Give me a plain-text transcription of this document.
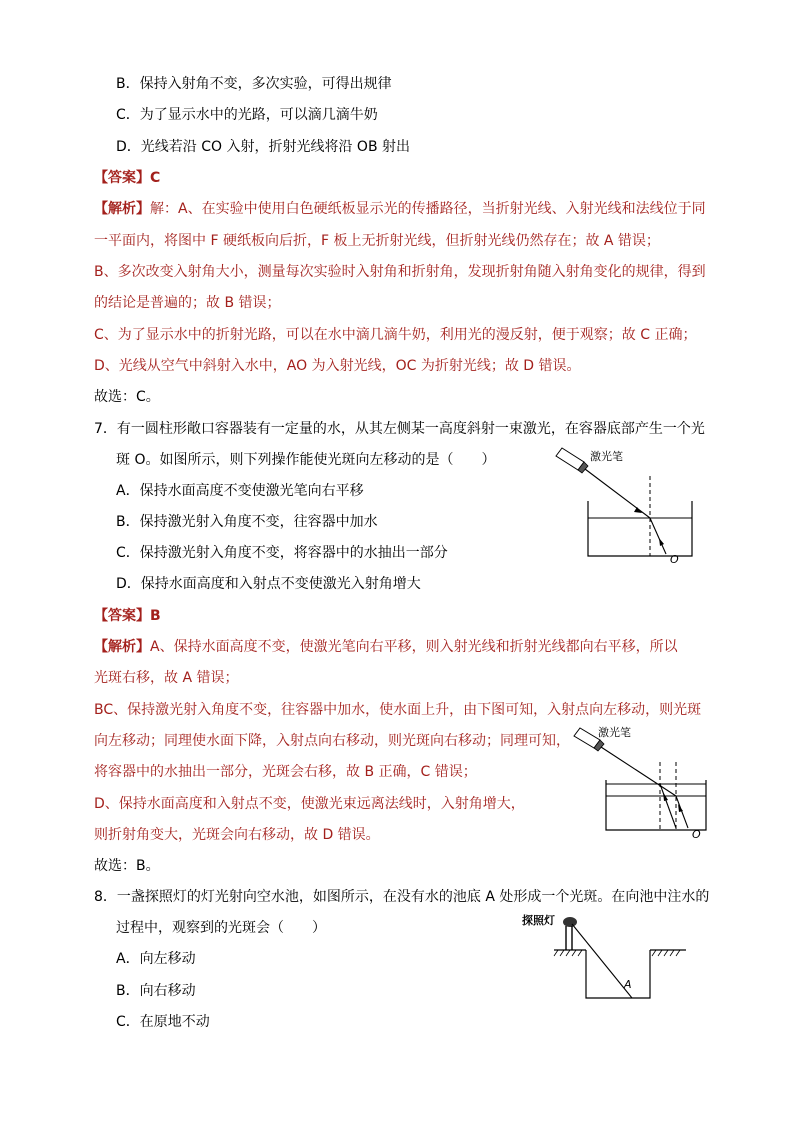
B．保持入射角不变，多次实验，可得出规律
C．为了显示水中的光路，可以滴几滴牛奶
D．光线若沿 CO 入射，折射光线将沿 OB 射出
【答案】C
【解析】解：A、在实验中使用白色硬纸板显示光的传播路径，当折射光线、入射光线和法线位于同
一平面内，将图中 F 硬纸板向后折，F 板上无折射光线，但折射光线仍然存在；故 A 错误；
B、多次改变入射角大小，测量每次实验时入射角和折射角，发现折射角随入射角变化的规律，得到
的结论是普遍的；故 B 错误；
C、为了显示水中的折射光路，可以在水中滴几滴牛奶，利用光的漫反射，便于观察；故 C 正确；
D、光线从空气中斜射入水中，AO 为入射光线，OC 为折射光线；故 D 错误。
故选：C。
7．有一圆柱形敞口容器装有一定量的水，从其左侧某一高度斜射一束激光，在容器底部产生一个光
斑 O。如图所示，则下列操作能使光斑向左移动的是（　　）
A．保持水面高度不变使激光笔向右平移
B．保持激光射入角度不变，往容器中加水
C．保持激光射入角度不变，将容器中的水抽出一部分
D．保持水面高度和入射点不变使激光入射角增大
激光笔
O
【答案】B
【解析】A、保持水面高度不变，使激光笔向右平移，则入射光线和折射光线都向右平移，所以
光斑右移，故 A 错误；
BC、保持激光射入角度不变，往容器中加水，使水面上升，由下图可知，入射点向左移动，则光斑
向左移动；同理使水面下降，入射点向右移动，则光斑向右移动；同理可知，
将容器中的水抽出一部分，光斑会右移，故 B 正确，C 错误；
D、保持水面高度和入射点不变，使激光束远离法线时，入射角增大，
则折射角变大，光斑会向右移动，故 D 错误。
故选：B。
激光笔
O
8．一盏探照灯的灯光射向空水池，如图所示，在没有水的池底 A 处形成一个光斑。在向池中注水的
过程中，观察到的光斑会（　　）
A．向左移动
B．向右移动
C．在原地不动
探照灯
A
